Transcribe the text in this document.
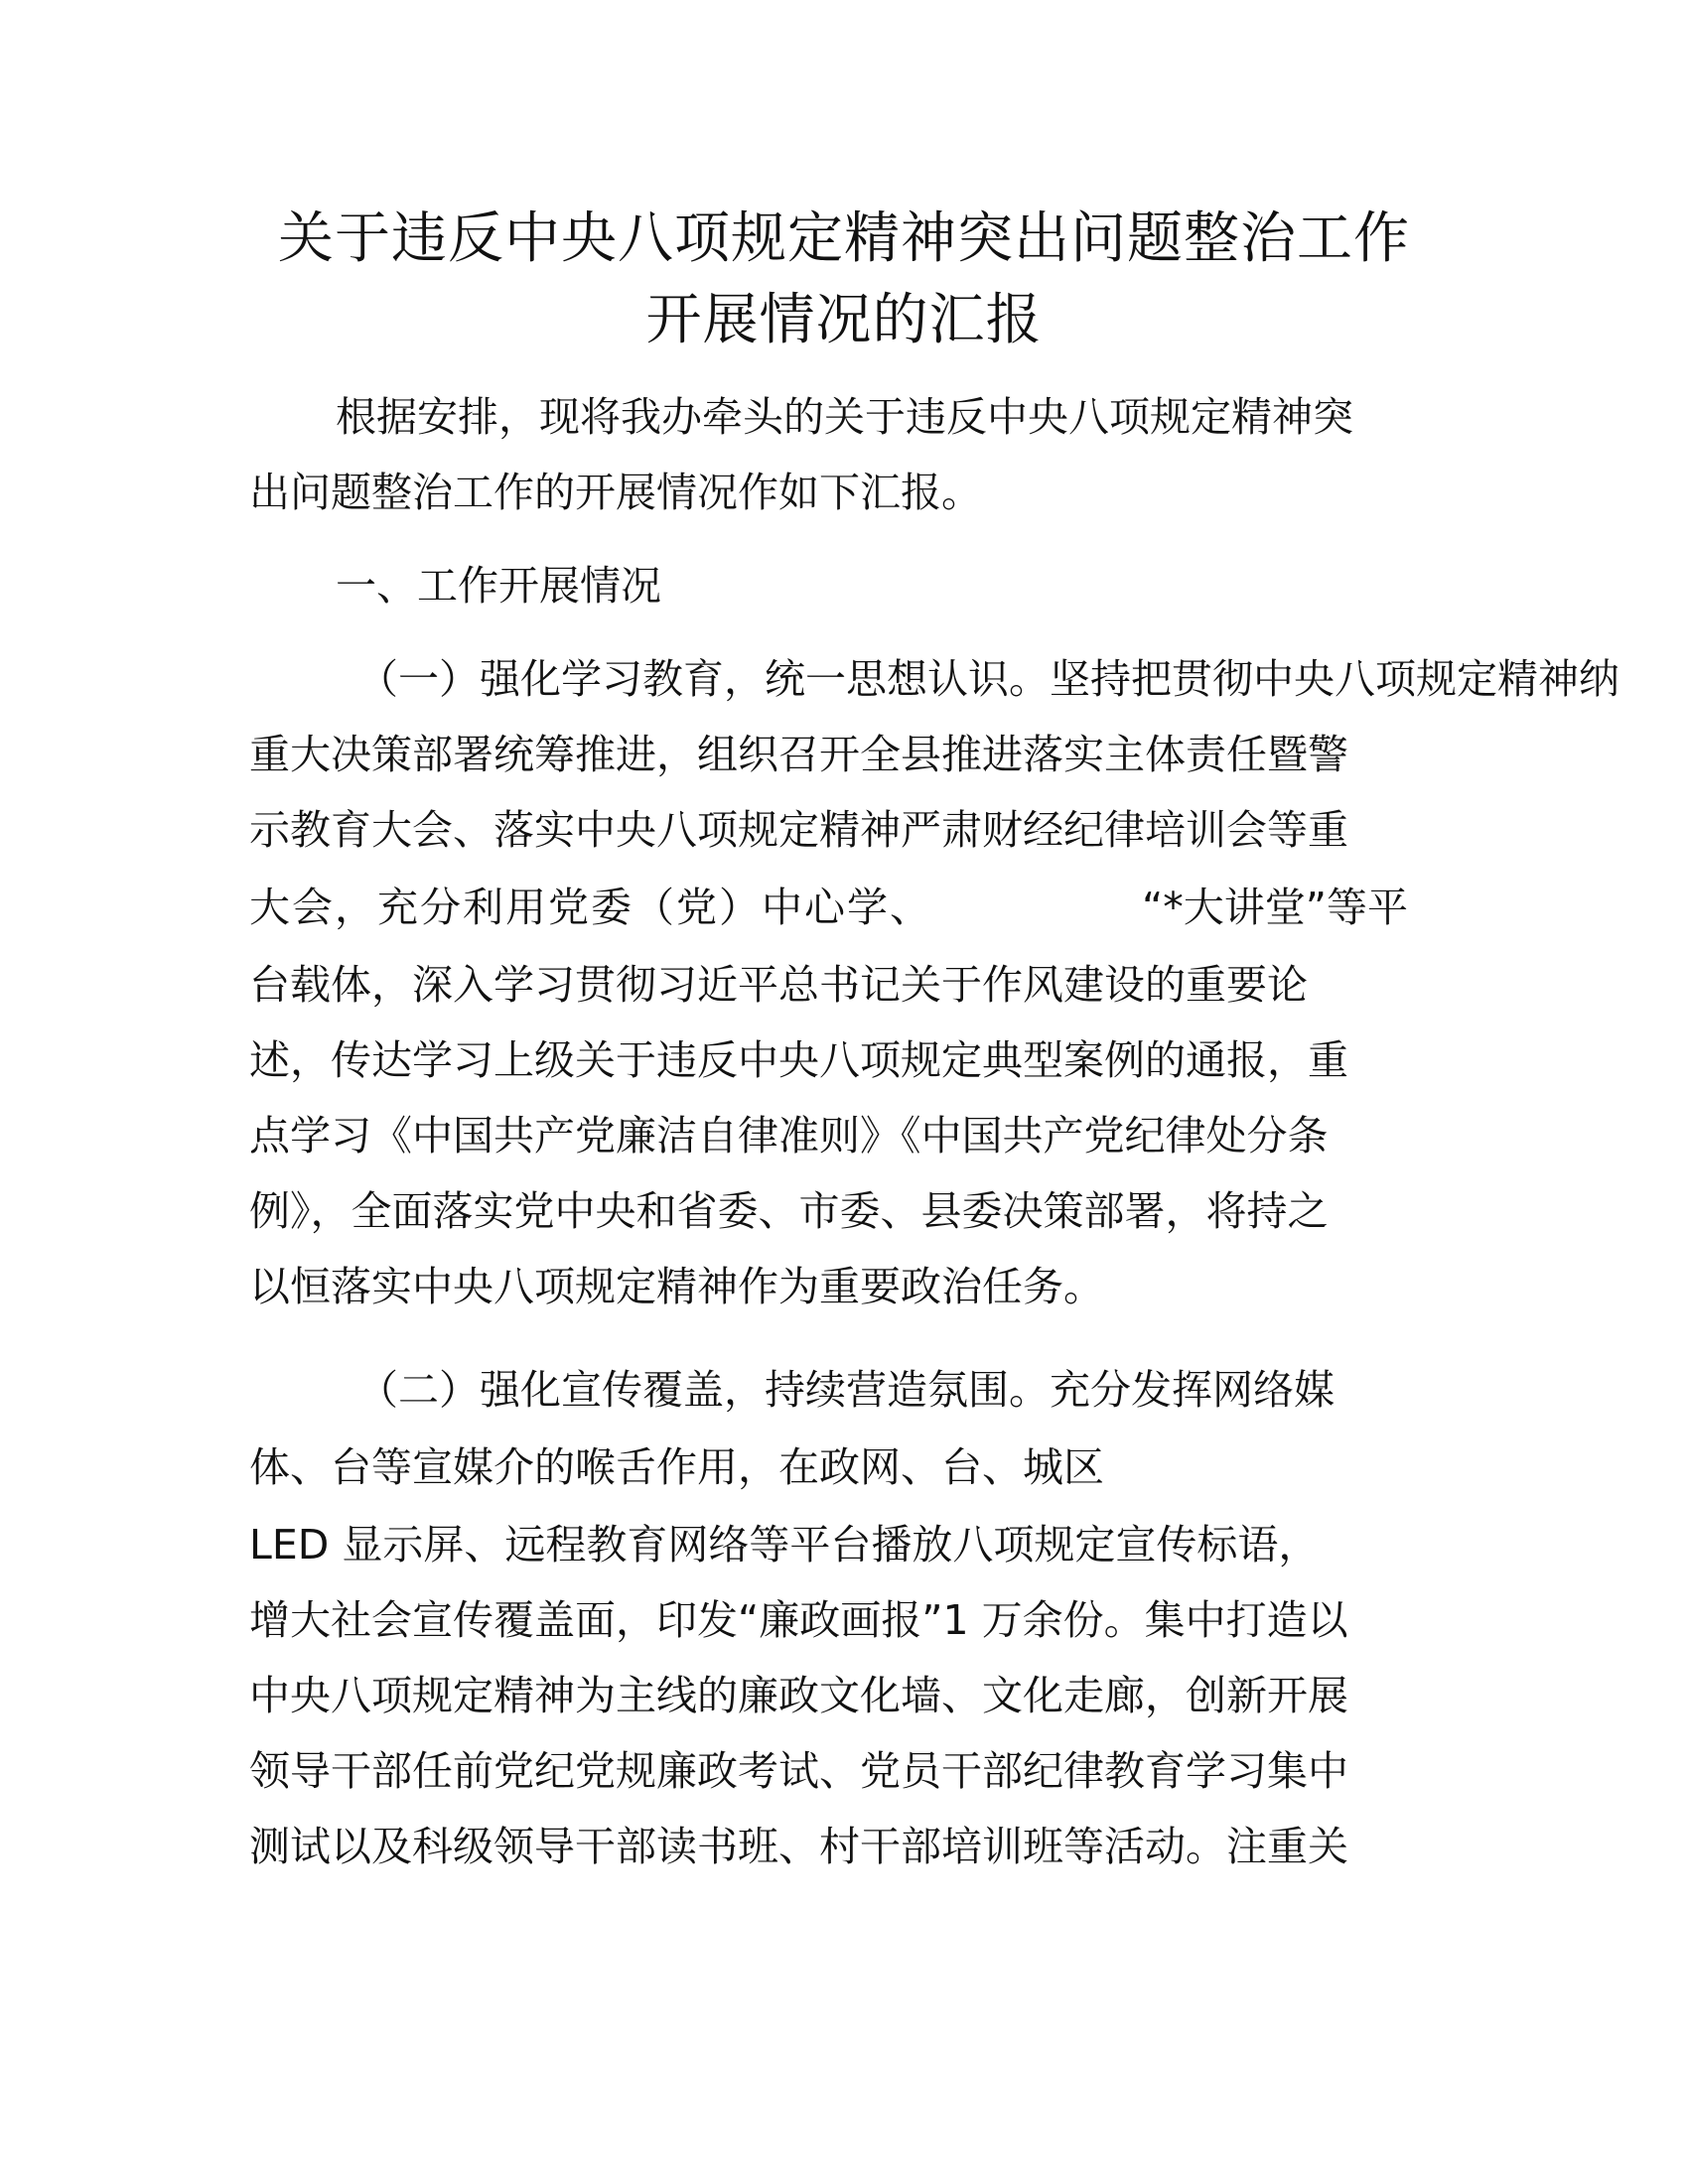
关于违反中央八项规定精神突出问题整治工作

开展情况的汇报

根据安排，现将我办牵头的关于违反中央八项规定精神突

出问题整治工作的开展情况作如下汇报。

一、工作开展情况

（一）强化学习教育，统一思想认识。坚持把贯彻中央八项规定精神纳

重大决策部署统筹推进，组织召开全县推进落实主体责任暨警

示教育大会、落实中央八项规定精神严肃财经纪律培训会等重

大会，充分利用党委（党）中心学、	“*大讲堂”等平

台载体，深入学习贯彻习近平总书记关于作风建设的重要论

述，传达学习上级关于违反中央八项规定典型案例的通报，重

点学习《中国共产党廉洁自律准则》《中国共产党纪律处分条

例》，全面落实党中央和省委、市委、县委决策部署，将持之

以恒落实中央八项规定精神作为重要政治任务。

（二）强化宣传覆盖，持续营造氛围。充分发挥网络媒

体、台等宣媒介的喉舌作用，在政网、台、城区

LED 显示屏、远程教育网络等平台播放八项规定宣传标语，

增大社会宣传覆盖面，印发“廉政画报”1 万余份。集中打造以

中央八项规定精神为主线的廉政文化墙、文化走廊，创新开展

领导干部任前党纪党规廉政考试、党员干部纪律教育学习集中

测试以及科级领导干部读书班、村干部培训班等活动。注重关
